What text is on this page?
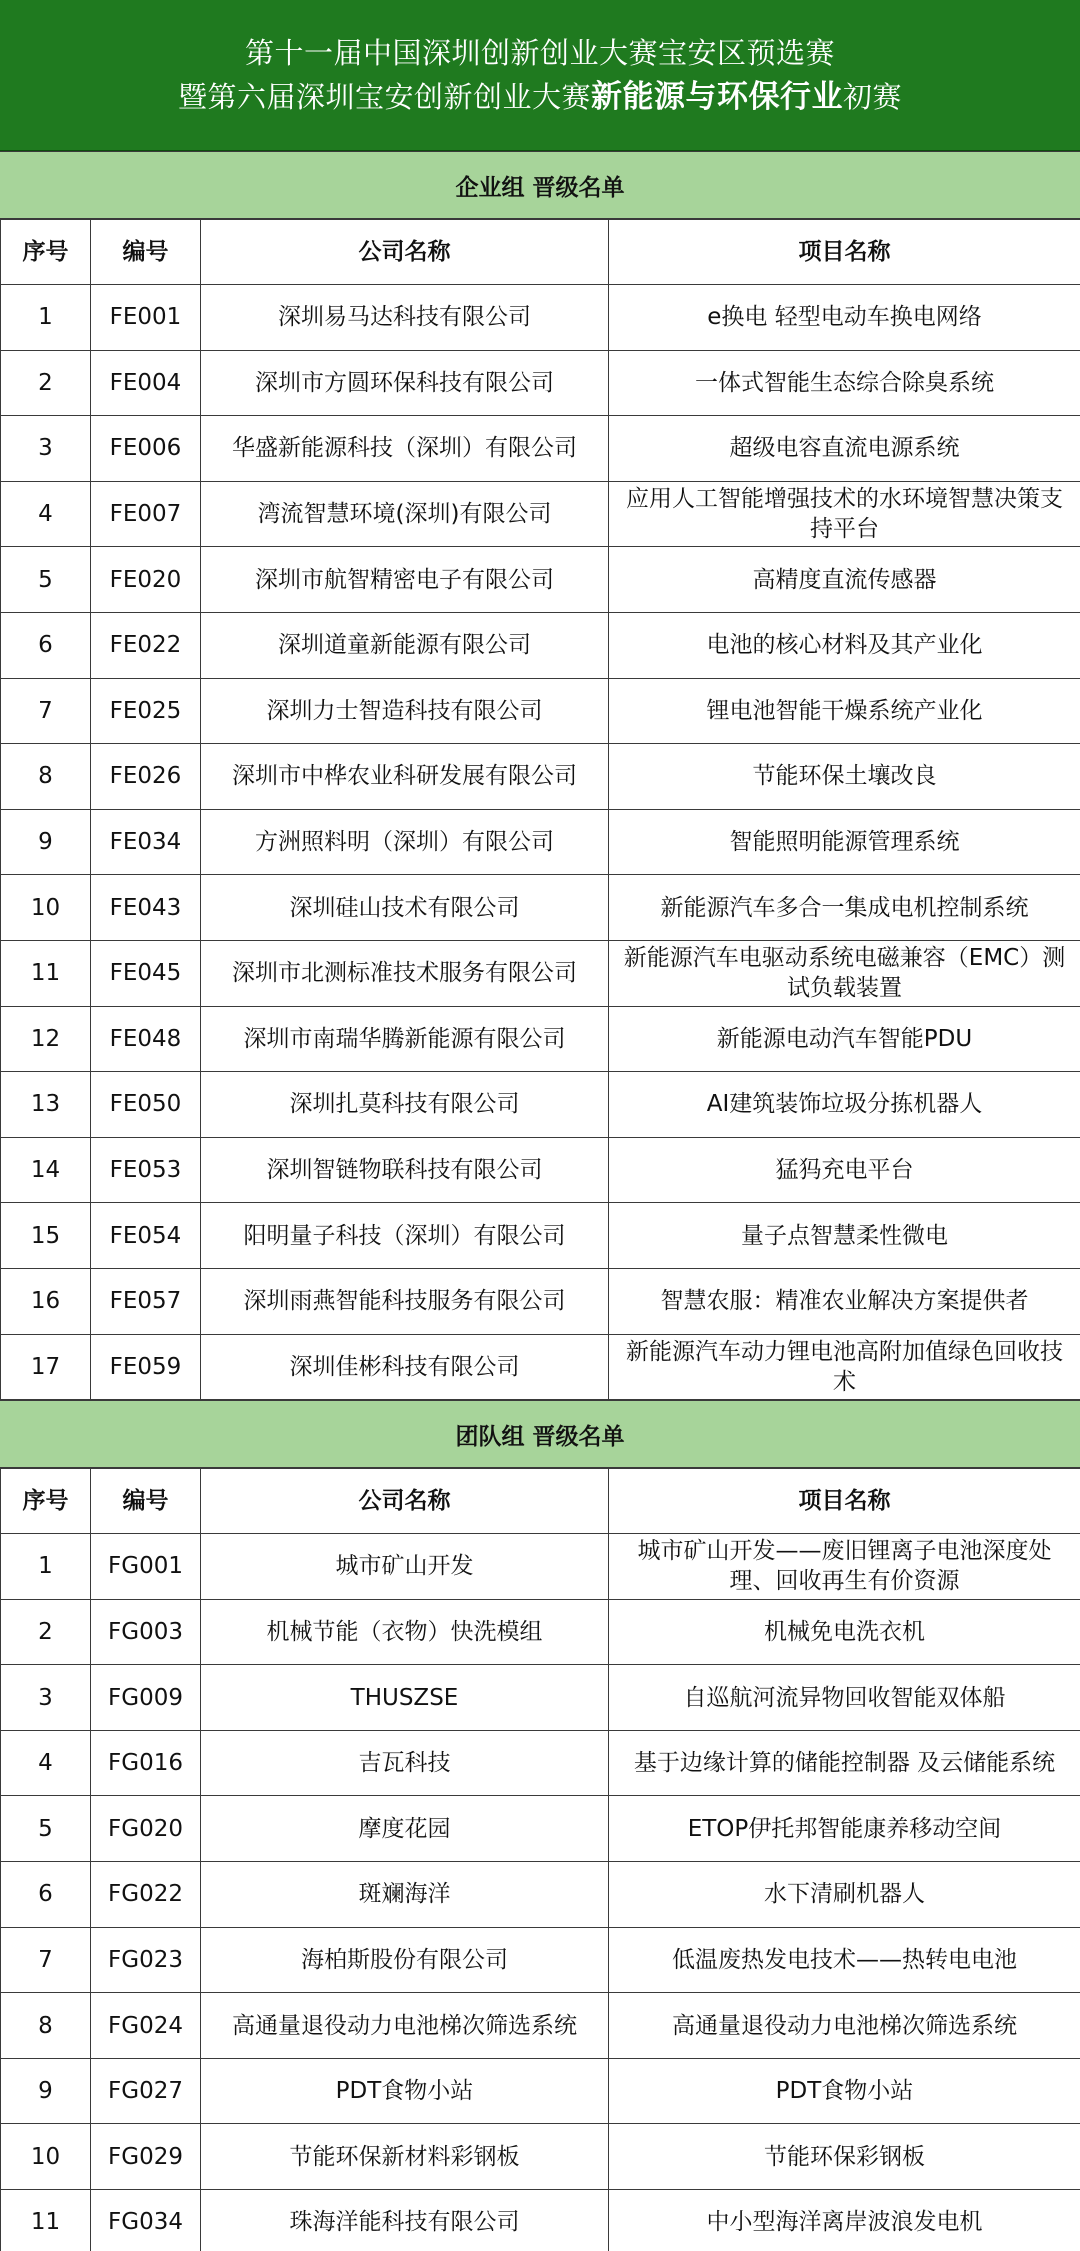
第十一届中国深圳创新创业大赛宝安区预选赛
暨第六届深圳宝安创新创业大赛新能源与环保行业初赛
企业组 晋级名单
序号	编号	公司名称	项目名称
1	FE001	深圳易马达科技有限公司	e换电 轻型电动车换电网络
2	FE004	深圳市方圆环保科技有限公司	一体式智能生态综合除臭系统
3	FE006	华盛新能源科技（深圳）有限公司	超级电容直流电源系统
4	FE007	湾流智慧环境(深圳)有限公司	应用人工智能增强技术的水环境智慧决策支持平台
5	FE020	深圳市航智精密电子有限公司	高精度直流传感器
6	FE022	深圳道童新能源有限公司	电池的核心材料及其产业化
7	FE025	深圳力士智造科技有限公司	锂电池智能干燥系统产业化
8	FE026	深圳市中桦农业科研发展有限公司	节能环保土壤改良
9	FE034	方洲照料明（深圳）有限公司	智能照明能源管理系统
10	FE043	深圳硅山技术有限公司	新能源汽车多合一集成电机控制系统
11	FE045	深圳市北测标准技术服务有限公司	新能源汽车电驱动系统电磁兼容（EMC）测试负载装置
12	FE048	深圳市南瑞华腾新能源有限公司	新能源电动汽车智能PDU
13	FE050	深圳扎莫科技有限公司	AI建筑装饰垃圾分拣机器人
14	FE053	深圳智链物联科技有限公司	猛犸充电平台
15	FE054	阳明量子科技（深圳）有限公司	量子点智慧柔性微电
16	FE057	深圳雨燕智能科技服务有限公司	智慧农服：精准农业解决方案提供者
17	FE059	深圳佳彬科技有限公司	新能源汽车动力锂电池高附加值绿色回收技术
团队组 晋级名单
序号	编号	公司名称	项目名称
1	FG001	城市矿山开发	城市矿山开发——废旧锂离子电池深度处理、回收再生有价资源
2	FG003	机械节能（衣物）快洗模组	机械免电洗衣机
3	FG009	THUSZSE	自巡航河流异物回收智能双体船
4	FG016	吉瓦科技	基于边缘计算的储能控制器 及云储能系统
5	FG020	摩度花园	ETOP伊托邦智能康养移动空间
6	FG022	斑斓海洋	水下清刷机器人
7	FG023	海柏斯股份有限公司	低温废热发电技术——热转电电池
8	FG024	高通量退役动力电池梯次筛选系统	高通量退役动力电池梯次筛选系统
9	FG027	PDT食物小站	PDT食物小站
10	FG029	节能环保新材料彩钢板	节能环保彩钢板
11	FG034	珠海洋能科技有限公司	中小型海洋离岸波浪发电机
